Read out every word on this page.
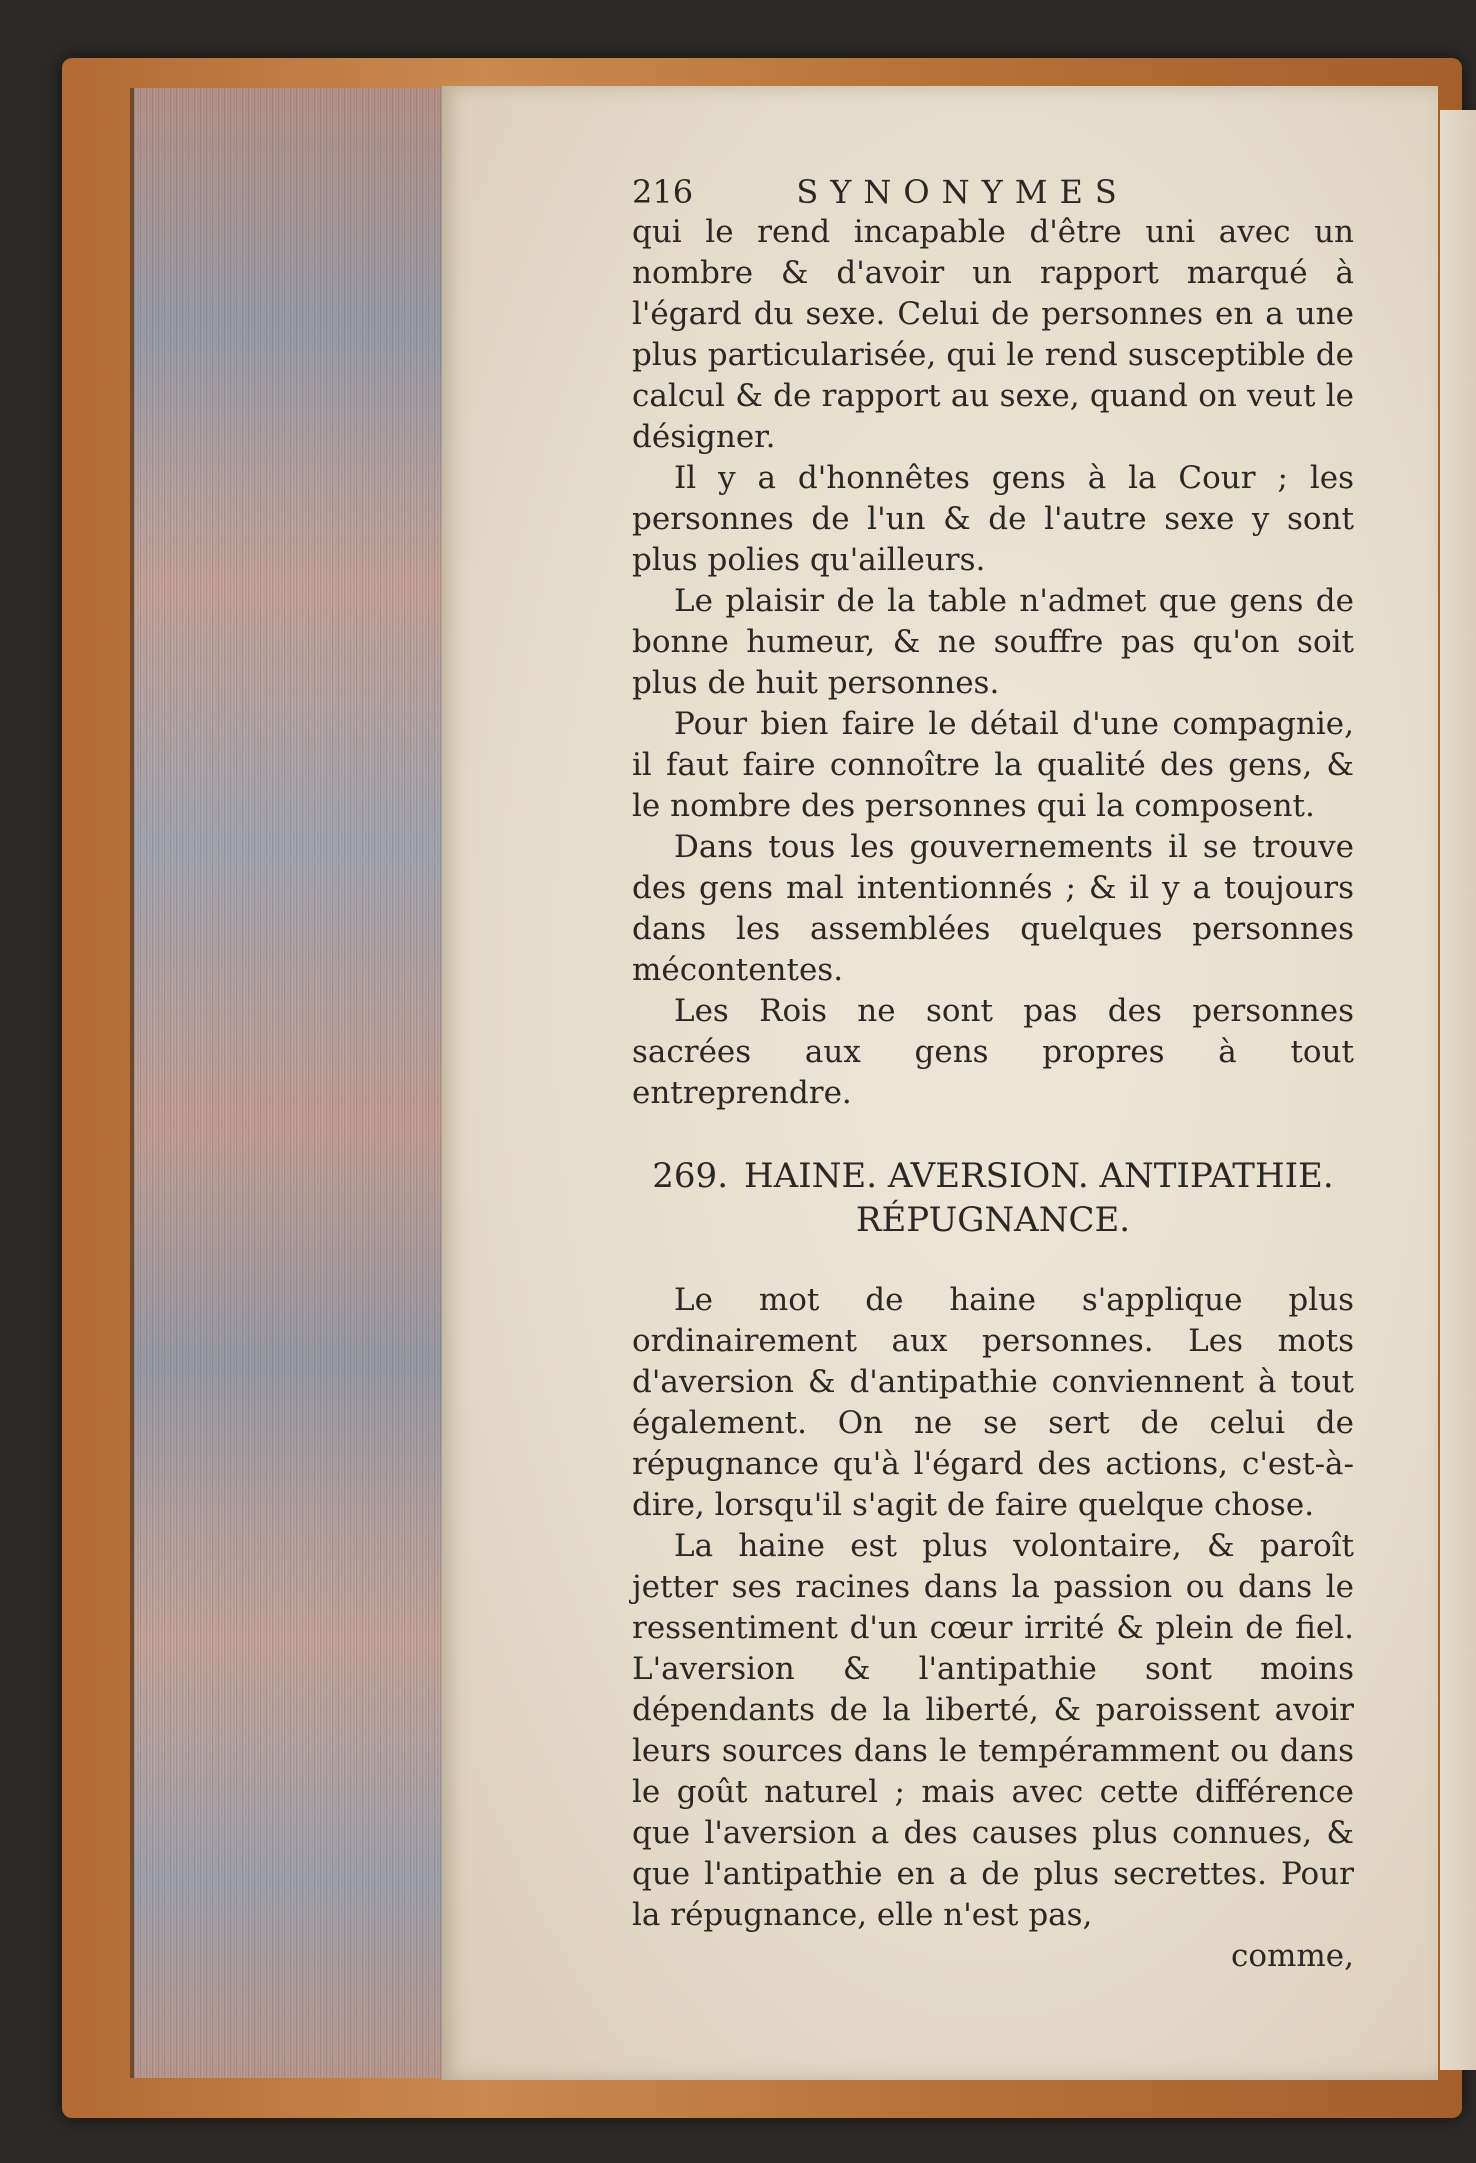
216	SYNONYMES

qui le rend incapable d'être uni avec un nombre & d'avoir un rapport marqué à l'égard du sexe. Celui de personnes en a une plus particularisée, qui le rend susceptible de calcul & de rapport au sexe, quand on veut le désigner.

Il y a d'honnêtes gens à la Cour ; les personnes de l'un & de l'autre sexe y sont plus polies qu'ailleurs.

Le plaisir de la table n'admet que gens de bonne humeur, & ne souffre pas qu'on soit plus de huit personnes.

Pour bien faire le détail d'une compagnie, il faut faire connoître la qualité des gens, & le nombre des personnes qui la composent.

Dans tous les gouvernements il se trouve des gens mal intentionnés ; & il y a toujours dans les assemblées quelques personnes mécontentes.

Les Rois ne sont pas des personnes sacrées aux gens propres à tout entreprendre.

269. HAINE. AVERSION. ANTIPATHIE.
RÉPUGNANCE.

Le mot de haine s'applique plus ordinairement aux personnes. Les mots d'aversion & d'antipathie conviennent à tout également. On ne se sert de celui de répugnance qu'à l'égard des actions, c'est-à-dire, lorsqu'il s'agit de faire quelque chose.

La haine est plus volontaire, & paroît jetter ses racines dans la passion ou dans le ressentiment d'un cœur irrité & plein de fiel. L'aversion & l'antipathie sont moins dépendants de la liberté, & paroissent avoir leurs sources dans le tempéramment ou dans le goût naturel ; mais avec cette différence que l'aversion a des causes plus connues, & que l'antipathie en a de plus secrettes. Pour la répugnance, elle n'est pas,

comme,
